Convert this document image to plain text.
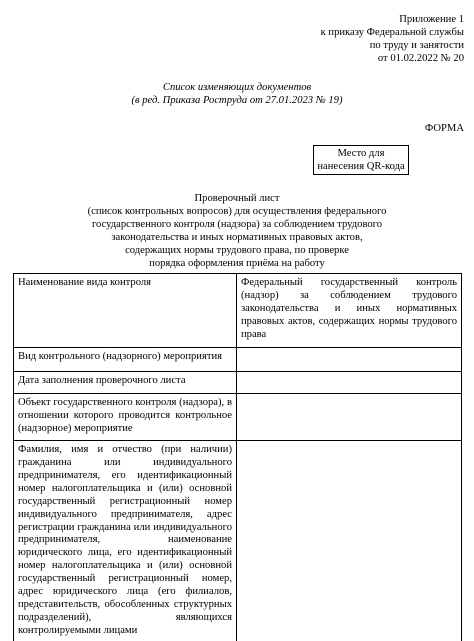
Приложение 1
к приказу Федеральной службы
по труду и занятости
от 01.02.2022 № 20
Список изменяющих документов
(в ред. Приказа Роструда от 27.01.2023 № 19)
ФОРМА
Место для
нанесения QR-кода
Проверочный лист
(список контрольных вопросов) для осуществления федерального
государственного контроля (надзора) за соблюдением трудового
законодательства и иных нормативных правовых актов,
содержащих нормы трудового права, по проверке
порядка оформления приёма на работу
Наименование вида контроля	Федеральный государственный контроль (надзор) за соблюдением трудового законодательства и иных нормативных правовых актов, содержащих нормы трудового права
Вид контрольного (надзорного) мероприятия	
Дата заполнения проверочного листа	
Объект государственного контроля (надзора), в отношении которого проводится контрольное (надзорное) мероприятие	
Фамилия, имя и отчество (при наличии) гражданина или индивидуального предпринимателя, его идентификационный номер налогоплательщика и (или) основной государственный регистрационный номер индивидуального предпринимателя, адрес регистрации гражданина или индивидуального предпринимателя, наименование юридического лица, его идентификационный номер налогоплательщика и (или) основной государственный регистрационный номер, адрес юридического лица (его филиалов, представительств, обособленных структурных подразделений), являющихся контролируемыми лицами	
